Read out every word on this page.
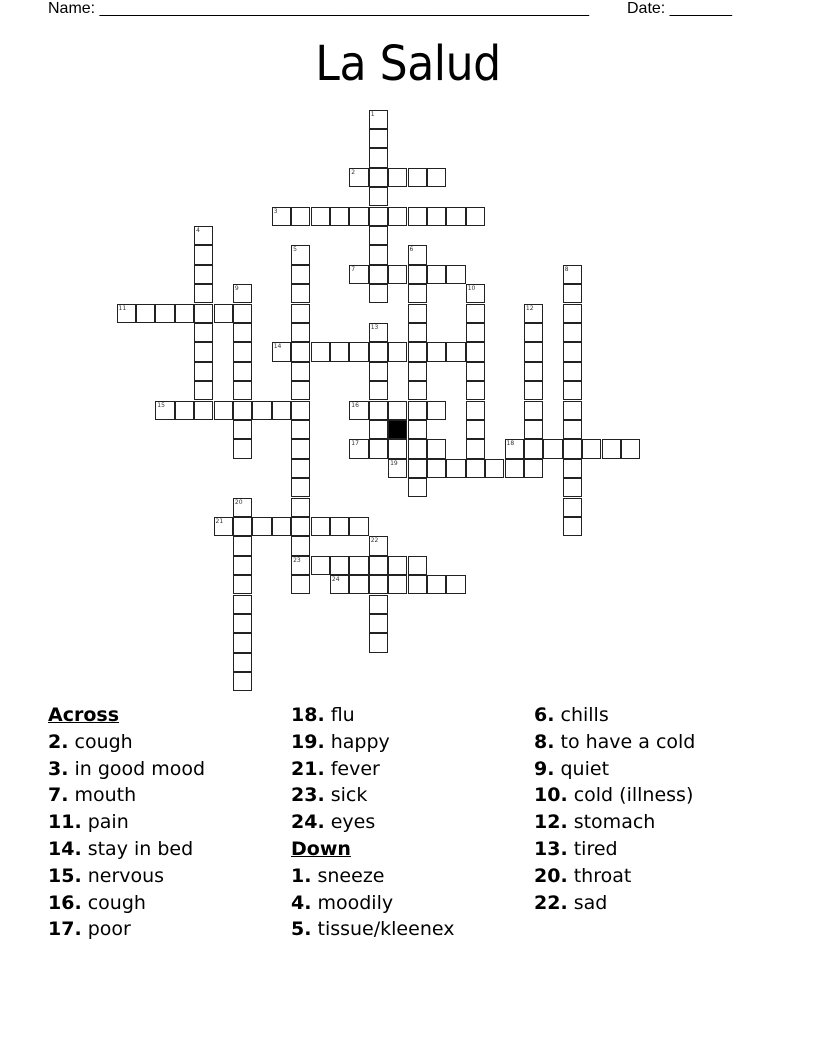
Name: _______________________________________________________ Date: _______
La Salud
1
2
3
4
5
23
6
7	8
9	10
11	12
13
14
15	16
17	18
19
20
21
22
24
Across
2. cough
3. in good mood
7. mouth
11. pain
14. stay in bed
15. nervous
16. cough
17. poor
18. flu
19. happy
21. fever
23. sick
24. eyes
Down
1. sneeze
4. moodily
5. tissue/kleenex
6. chills
8. to have a cold
9. quiet
10. cold (illness)
12. stomach
13. tired
20. throat
22. sad
